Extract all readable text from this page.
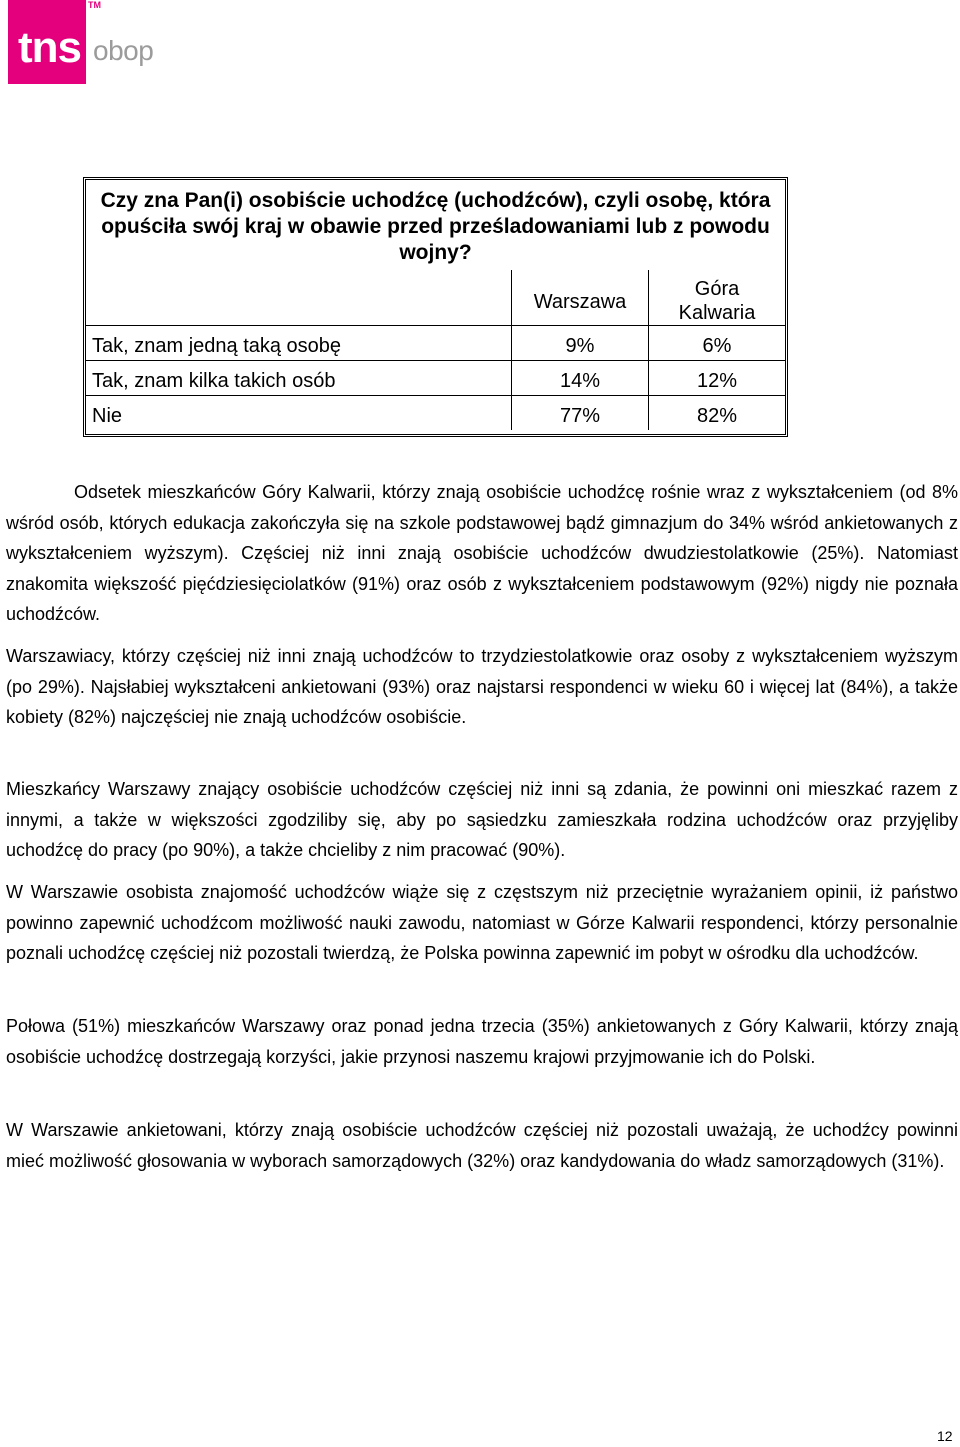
tns
TM
obop
Czy zna Pan(i) osobiście uchodźcę (uchodźców), czyli osobę, która opuściła swój kraj w obawie przed prześladowaniami lub z powodu wojny?
Warszawa
Góra Kalwaria
Tak, znam jedną taką osobę	9%	6%
Tak, znam kilka takich osób	14%	12%
Nie	77%	82%

Odsetek mieszkańców Góry Kalwarii, którzy znają osobiście uchodźcę rośnie wraz z wykształceniem (od 8% wśród osób, których edukacja zakończyła się na szkole podstawowej bądź gimnazjum do 34% wśród ankietowanych z wykształceniem wyższym). Częściej niż inni znają osobiście uchodźców dwudziestolatkowie (25%). Natomiast znakomita większość pięćdziesięciolatków (91%) oraz osób z wykształceniem podstawowym (92%) nigdy nie poznała uchodźców.

Warszawiacy, którzy częściej niż inni znają uchodźców to trzydziestolatkowie oraz osoby z wykształceniem wyższym (po 29%). Najsłabiej wykształceni ankietowani (93%) oraz najstarsi respondenci w wieku 60 i więcej lat (84%), a także kobiety (82%) najczęściej nie znają uchodźców osobiście.

Mieszkańcy Warszawy znający osobiście uchodźców częściej niż inni są zdania, że powinni oni mieszkać razem z innymi, a także w większości zgodziliby się, aby po sąsiedzku zamieszkała rodzina uchodźców oraz przyjęliby uchodźcę do pracy (po 90%), a także chcieliby z nim pracować (90%).

W Warszawie osobista znajomość uchodźców wiąże się z częstszym niż przeciętnie wyrażaniem opinii, iż państwo powinno zapewnić uchodźcom możliwość nauki zawodu, natomiast w Górze Kalwarii respondenci, którzy personalnie poznali uchodźcę częściej niż pozostali twierdzą, że Polska powinna zapewnić im pobyt w ośrodku dla uchodźców.

Połowa (51%) mieszkańców Warszawy oraz ponad jedna trzecia (35%) ankietowanych z Góry Kalwarii, którzy znają osobiście uchodźcę dostrzegają korzyści, jakie przynosi naszemu krajowi przyjmowanie ich do Polski.

W Warszawie ankietowani, którzy znają osobiście uchodźców częściej niż pozostali uważają, że uchodźcy powinni mieć możliwość głosowania w wyborach samorządowych (32%) oraz kandydowania do władz samorządowych (31%).

12
